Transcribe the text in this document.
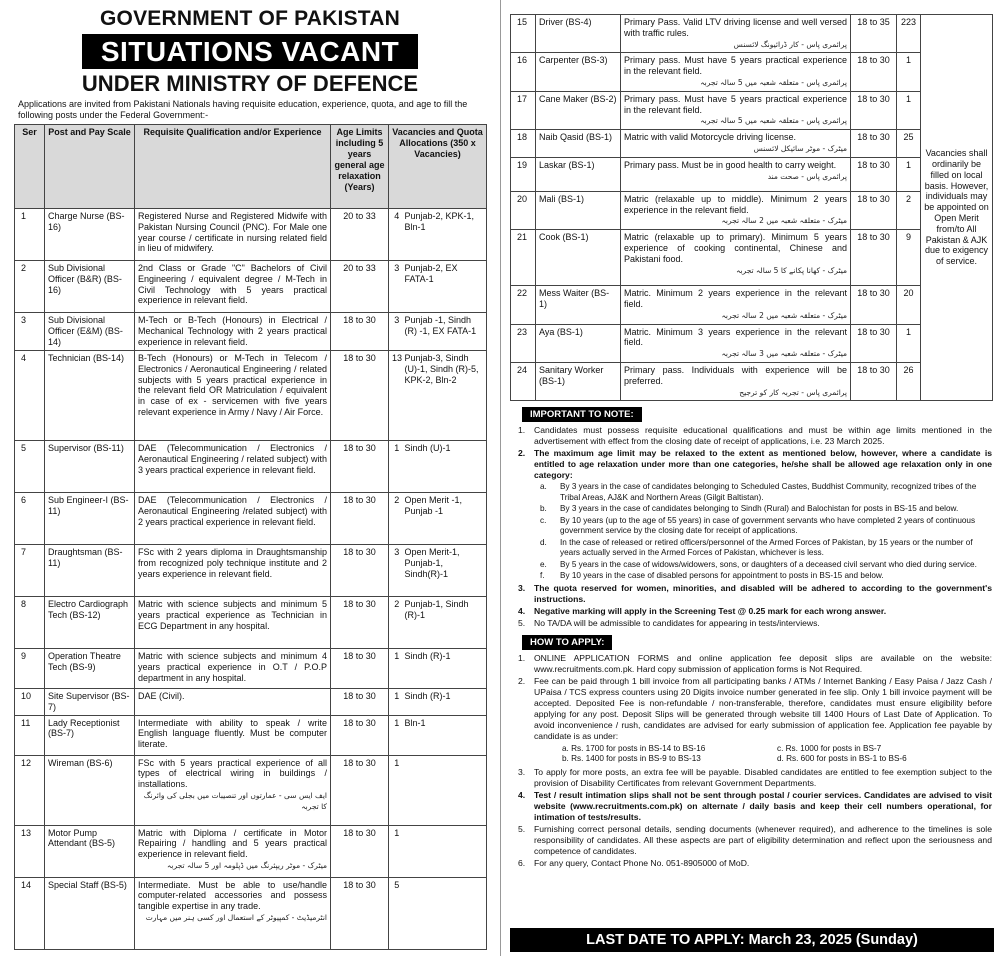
GOVERNMENT OF PAKISTAN
SITUATIONS VACANT
UNDER MINISTRY OF DEFENCE
Applications are invited from Pakistani Nationals having requisite education, experience, quota, and age to fill the following posts under the Federal Government:-
Ser	Post and Pay Scale	Requisite Qualification and/or Experience	Age Limits including 5 years general age relaxation (Years)	Vacancies and Quota Allocations (350 x Vacancies)	

1	Charge Nurse (BS-16)	Registered Nurse and Registered Midwife with Pakistan Nursing Council (PNC). For Male one year course / certificate in nursing related field in lieu of midwifery.	20 to 33	4	Punjab-2, KPK-1, Bln-1

2	Sub Divisional Officer (B&R) (BS-16)	2nd Class or Grade "C" Bachelors of Civil Engineering / equivalent degree / M-Tech in Civil Technology with 5 years practical experience in relevant field.	20 to 33	3	Punjab-2, EX FATA-1

3	Sub Divisional Officer (E&M) (BS-14)	M-Tech or B-Tech (Honours) in Electrical / Mechanical Technology with 2 years practical experience in relevant field.	18 to 30	3	Punjab -1, Sindh (R) -1, EX FATA-1

4	Technician (BS-14)	B-Tech (Honours) or M-Tech in Telecom / Electronics / Aeronautical Engineering / related subjects with 5 years practical experience in the relevant field OR Matriculation / equivalent in case of ex - servicemen with five years relevant experience in Army / Navy / Air Force.	18 to 30	13	Punjab-3, Sindh (U)-1, Sindh (R)-5, KPK-2, Bln-2

5	Supervisor (BS-11)	DAE (Telecommunication / Electronics / Aeronautical Engineering / related subject) with 3 years practical experience in relevant field.	18 to 30	1	Sindh (U)-1

6	Sub Engineer-I (BS-11)	DAE (Telecommunication / Electronics / Aeronautical Engineering /related subject) with 2 years practical experience in relevant field.	18 to 30	2	Open Merit -1, Punjab -1

7	Draughtsman (BS-11)	FSc with 2 years diploma in Draughtsmanship from recognized poly technique institute and 2 years experience in relevant field.	18 to 30	3	Open Merit-1, Punjab-1, Sindh(R)-1

8	Electro Cardiograph Tech (BS-12)	Matric with science subjects and minimum 5 years practical experience as Technician in ECG Department in any hospital.	18 to 30	2	Punjab-1, Sindh (R)-1

9	Operation Theatre Tech (BS-9)	Matric with science subjects and minimum 4 years practical experience in O.T / P.O.P department in any hospital.	18 to 30	1	Sindh (R)-1

10	Site Supervisor (BS-7)	DAE (Civil).	18 to 30	1	Sindh (R)-1

11	Lady Receptionist (BS-7)	Intermediate with ability to speak / write English language fluently. Must be computer literate.	18 to 30	1	Bln-1

12	Wireman (BS-6)	FSc with 5 years practical experience of all types of electrical wiring in buildings / installations.
ایف ایس سی - عمارتوں اور تنصیبات میں بجلی کی وائرنگ کا تجربہ	18 to 30	1	

13	Motor Pump Attendant (BS-5)	Matric with Diploma / certificate in Motor Repairing / handling and 5 years practical experience in relevant field.
میٹرک - موٹر ریپئرنگ میں ڈپلومہ اور 5 سالہ تجربہ	18 to 30	1	

14	Special Staff (BS-5)	Intermediate. Must be able to use/handle computer-related accessories and possess tangible expertise in any trade.
انٹرمیڈیٹ - کمپیوٹر کے استعمال اور کسی ہنر میں مہارت	18 to 30	5	

15	Driver (BS-4)	Primary Pass. Valid LTV driving license and well versed with traffic rules.
پرائمری پاس - کار ڈرائیونگ لائسنس	18 to 35	223	Vacancies shall ordinarily be filled on local basis. However, individuals may be appointed on Open Merit from/to All Pakistan & AJK due to exigency of service.

16	Carpenter (BS-3)	Primary pass. Must have 5 years practical experience in the relevant field.
پرائمری پاس - متعلقہ شعبہ میں 5 سالہ تجربہ	18 to 30	1	

17	Cane Maker (BS-2)	Primary pass. Must have 5 years practical experience in the relevant field.
پرائمری پاس - متعلقہ شعبہ میں 5 سالہ تجربہ	18 to 30	1	

18	Naib Qasid (BS-1)	Matric with valid Motorcycle driving license.
میٹرک - موٹر سائیکل لائسنس	18 to 30	25	

19	Laskar (BS-1)	Primary pass. Must be in good health to carry weight.
پرائمری پاس - صحت مند	18 to 30	1	

20	Mali (BS-1)	Matric (relaxable up to middle). Minimum 2 years experience in the relevant field.
میٹرک - متعلقہ شعبہ میں 2 سالہ تجربہ	18 to 30	2	

21	Cook (BS-1)	Matric (relaxable up to primary). Minimum 5 years experience of cooking continental, Chinese and Pakistani food.
میٹرک - کھانا پکانے کا 5 سالہ تجربہ	18 to 30	9	

22	Mess Waiter (BS-1)	Matric. Minimum 2 years experience in the relevant field.
میٹرک - متعلقہ شعبہ میں 2 سالہ تجربہ	18 to 30	20	

23	Aya (BS-1)	Matric. Minimum 3 years experience in the relevant field.
میٹرک - متعلقہ شعبہ میں 3 سالہ تجربہ	18 to 30	1	

24	Sanitary Worker (BS-1)	Primary pass. Individuals with experience will be preferred.
پرائمری پاس - تجربہ کار کو ترجیح	18 to 30	26	
IMPORTANT TO NOTE:
1.	Candidates must possess requisite educational qualifications and must be within age limits mentioned in the advertisement with effect from the closing date of receipt of applications, i.e. 23 March 2025.
2.	The maximum age limit may be relaxed to the extent as mentioned below, however, where a candidate is entitled to age relaxation under more than one categories, he/she shall be allowed age relaxation only in one category:
a.	By 3 years in the case of candidates belonging to Scheduled Castes, Buddhist Community, recognized tribes of the Tribal Areas, AJ&K and Northern Areas (Gilgit Baltistan).
b.	By 3 years in the case of candidates belonging to Sindh (Rural) and Balochistan for posts in BS-15 and below.
c.	By 10 years (up to the age of 55 years) in case of government servants who have completed 2 years of continuous government service by the closing date for receipt of applications.
d.	In the case of released or retired officers/personnel of the Armed Forces of Pakistan, by 15 years or the number of years actually served in the Armed Forces of Pakistan, whichever is less.
e.	By 5 years in the case of widows/widowers, sons, or daughters of a deceased civil servant who died during service.
f.	By 10 years in the case of disabled persons for appointment to posts in BS-15 and below.
3.	The quota reserved for women, minorities, and disabled will be adhered to according to the government's instructions.
4.	Negative marking will apply in the Screening Test @ 0.25 mark for each wrong answer.
5.	No TA/DA will be admissible to candidates for appearing in tests/interviews.
HOW TO APPLY:
1.	ONLINE APPLICATION FORMS and online application fee deposit slips are available on the website: www.recruitments.com.pk. Hard copy submission of application forms is Not Required.
2.	Fee can be paid through 1 bill invoice from all participating banks / ATMs / Internet Banking / Easy Paisa / Jazz Cash / UPaisa / TCS express counters using 20 Digits invoice number generated in fee slip. Only 1 bill invoice payment will be accepted. Deposited Fee is non-refundable / non-transferable, therefore, candidates must ensure eligibility before applying for any post. Deposit Slips will be generated through website till 1400 Hours of Last Date of Application. To avoid inconvenience / rush, candidates are advised for early submission of application fee. Application fee payable by candidate is as under:
a. Rs. 1700 for posts in BS-14 to BS-16	c. Rs. 1000 for posts in BS-7
b. Rs. 1400 for posts in BS-9 to BS-13	d. Rs. 600 for posts in BS-1 to BS-6
3.	To apply for more posts, an extra fee will be payable. Disabled candidates are entitled to fee exemption subject to the provision of Disability Certificates from relevant Government Departments.
4.	Test / result intimation slips shall not be sent through postal / courier services. Candidates are advised to visit website (www.recruitments.com.pk) on alternate / daily basis and keep their cell numbers operational, for intimation of tests/results.
5.	Furnishing correct personal details, sending documents (whenever required), and adherence to the timelines is sole responsibility of candidates. All these aspects are part of eligibility determination and reflect upon the seriousness and competence of candidates.
6.	For any query, Contact Phone No. 051-8905000 of MoD.
LAST DATE TO APPLY: March 23, 2025 (Sunday)
